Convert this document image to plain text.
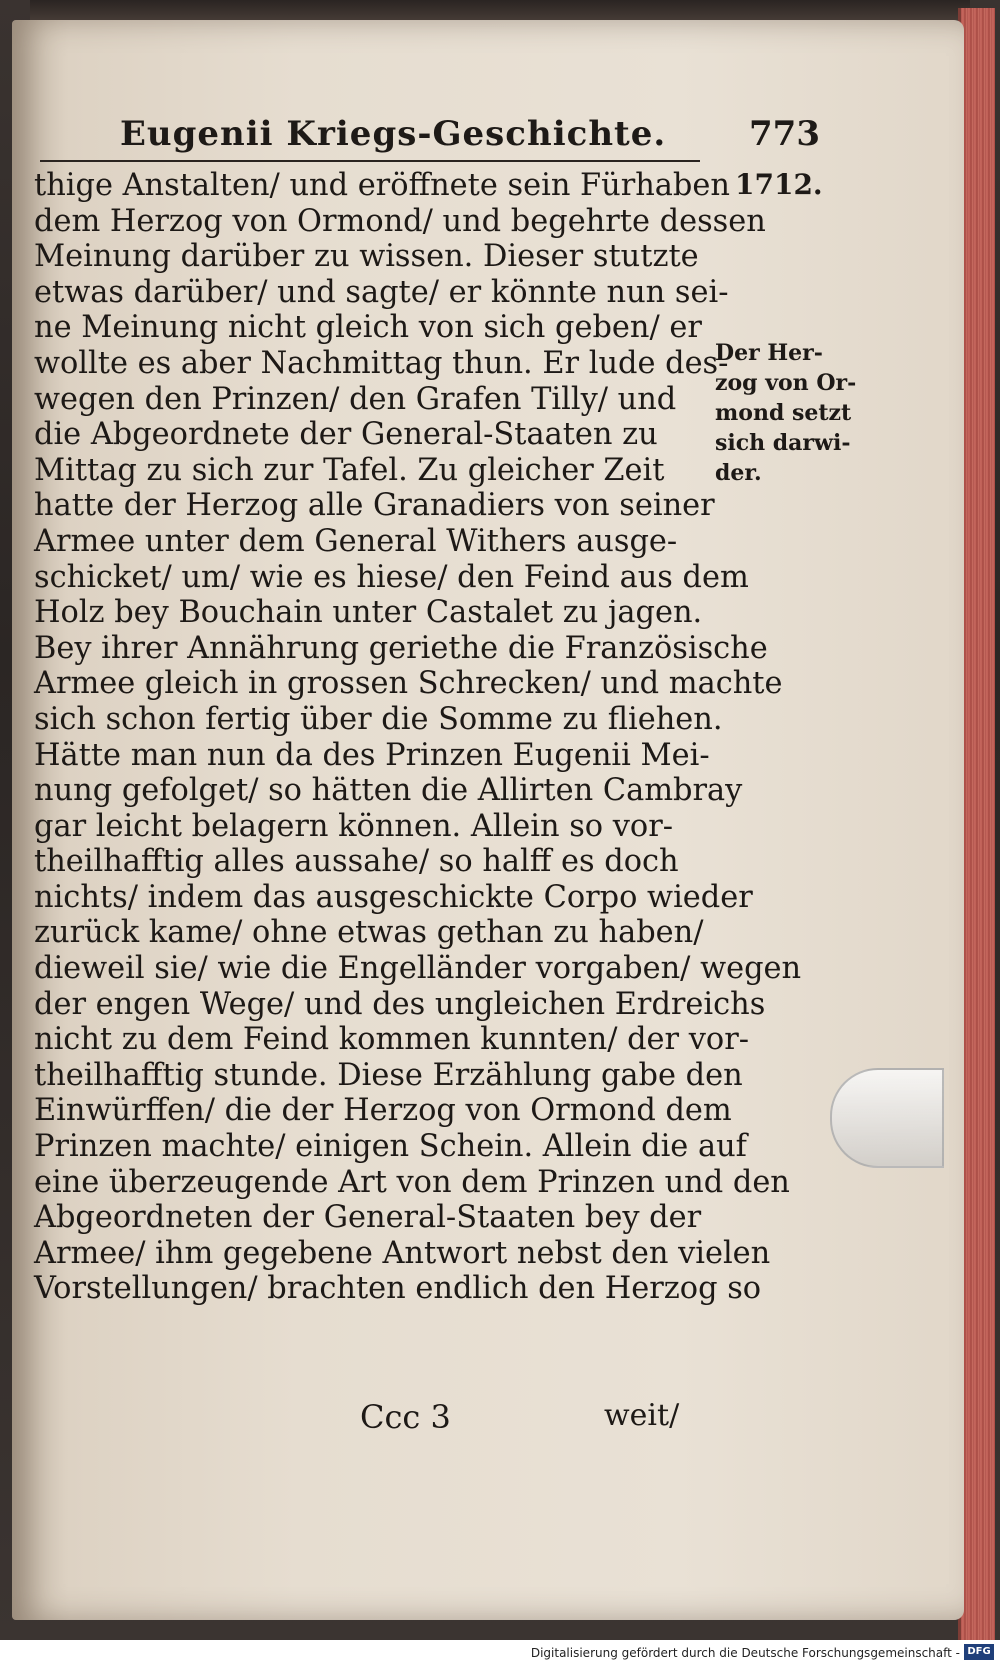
Eugenii Kriegs-Geschichte. 773
1712.
thige Anstalten/ und eröffnete sein Fürhaben
dem Herzog von Ormond/ und begehrte dessen
Meinung darüber zu wissen. Dieser stutzte
etwas darüber/ und sagte/ er könnte nun sei-
ne Meinung nicht gleich von sich geben/ er
wollte es aber Nachmittag thun. Er lude des-
wegen den Prinzen/ den Grafen Tilly/ und
die Abgeordnete der General-Staaten zu
Mittag zu sich zur Tafel. Zu gleicher Zeit
hatte der Herzog alle Granadiers von seiner
Armee unter dem General Withers ausge-
schicket/ um/ wie es hiese/ den Feind aus dem
Holz bey Bouchain unter Castalet zu jagen.
Bey ihrer Annährung geriethe die Französische
Armee gleich in grossen Schrecken/ und machte
sich schon fertig über die Somme zu fliehen.
Hätte man nun da des Prinzen Eugenii Mei-
nung gefolget/ so hätten die Allirten Cambray
gar leicht belagern können. Allein so vor-
theilhafftig alles aussahe/ so halff es doch
nichts/ indem das ausgeschickte Corpo wieder
zurück kame/ ohne etwas gethan zu haben/
dieweil sie/ wie die Engelländer vorgaben/ wegen
der engen Wege/ und des ungleichen Erdreichs
nicht zu dem Feind kommen kunnten/ der vor-
theilhafftig stunde. Diese Erzählung gabe den
Einwürffen/ die der Herzog von Ormond dem
Prinzen machte/ einigen Schein. Allein die auf
eine überzeugende Art von dem Prinzen und den
Abgeordneten der General-Staaten bey der
Armee/ ihm gegebene Antwort nebst den vielen
Vorstellungen/ brachten endlich den Herzog so
Der Her-
zog von Or-
mond setzt
sich darwi-
der.
Ccc 3	weit/
Digitalisierung gefördert durch die Deutsche Forschungsgemeinschaft - DFG
